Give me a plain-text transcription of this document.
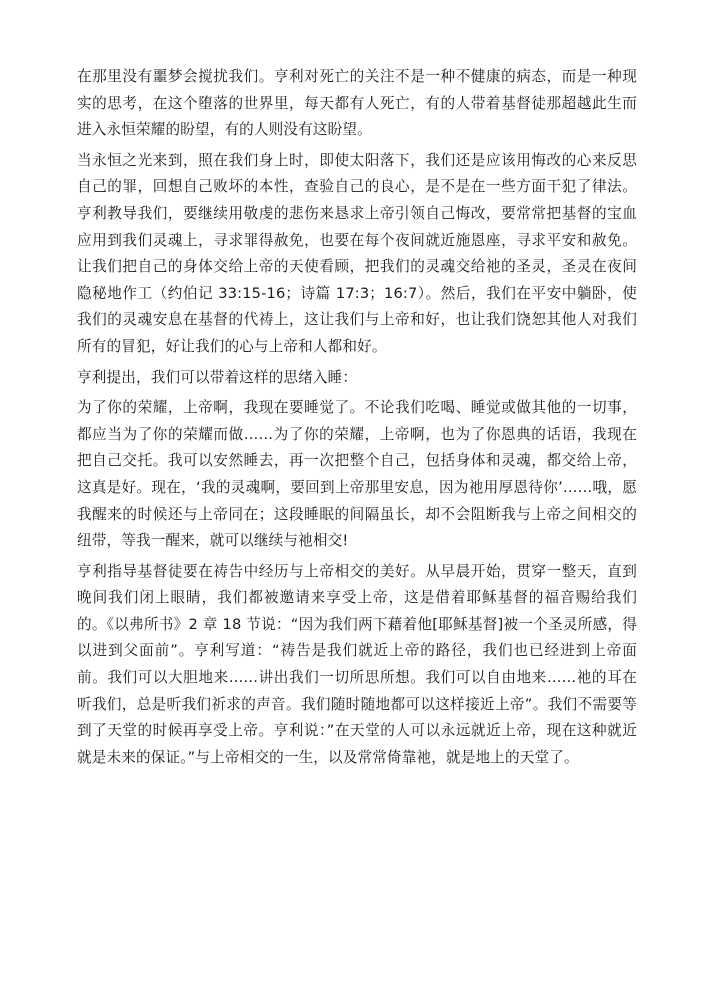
在那里没有噩梦会搅扰我们。亨利对死亡的关注不是一种不健康的病态，而是一种现实的思考，在这个堕落的世界里，每天都有人死亡，有的人带着基督徒那超越此生而进入永恒荣耀的盼望，有的人则没有这盼望。

当永恒之光来到，照在我们身上时，即使太阳落下，我们还是应该用悔改的心来反思自己的罪，回想自己败坏的本性，查验自己的良心，是不是在一些方面干犯了律法。亨利教导我们，要继续用敬虔的悲伤来恳求上帝引领自己悔改，要常常把基督的宝血应用到我们灵魂上，寻求罪得赦免，也要在每个夜间就近施恩座，寻求平安和赦免。让我们把自己的身体交给上帝的天使看顾，把我们的灵魂交给祂的圣灵，圣灵在夜间隐秘地作工（约伯记 33:15-16；诗篇 17:3；16:7）。然后，我们在平安中躺卧，使我们的灵魂安息在基督的代祷上，这让我们与上帝和好，也让我们饶恕其他人对我们所有的冒犯，好让我们的心与上帝和人都和好。

亨利提出，我们可以带着这样的思绪入睡：

为了你的荣耀，上帝啊，我现在要睡觉了。不论我们吃喝、睡觉或做其他的一切事，都应当为了你的荣耀而做……为了你的荣耀，上帝啊，也为了你恩典的话语，我现在把自己交托。我可以安然睡去，再一次把整个自己，包括身体和灵魂，都交给上帝，这真是好。现在，‘我的灵魂啊，要回到上帝那里安息，因为祂用厚恩待你’……哦，愿我醒来的时候还与上帝同在；这段睡眠的间隔虽长，却不会阻断我与上帝之间相交的纽带，等我一醒来，就可以继续与祂相交!

亨利指导基督徒要在祷告中经历与上帝相交的美好。从早晨开始，贯穿一整天，直到晚间我们闭上眼睛，我们都被邀请来享受上帝，这是借着耶稣基督的福音赐给我们的。《以弗所书》2 章 18 节说：“因为我们两下藉着他[耶稣基督]被一个圣灵所感，得以进到父面前”。亨利写道：“祷告是我们就近上帝的路径，我们也已经进到上帝面前。我们可以大胆地来……讲出我们一切所思所想。我们可以自由地来……祂的耳在听我们，总是听我们祈求的声音。我们随时随地都可以这样接近上帝”。我们不需要等到了天堂的时候再享受上帝。亨利说：”在天堂的人可以永远就近上帝，现在这种就近就是未来的保证。”与上帝相交的一生，以及常常倚靠祂，就是地上的天堂了。
